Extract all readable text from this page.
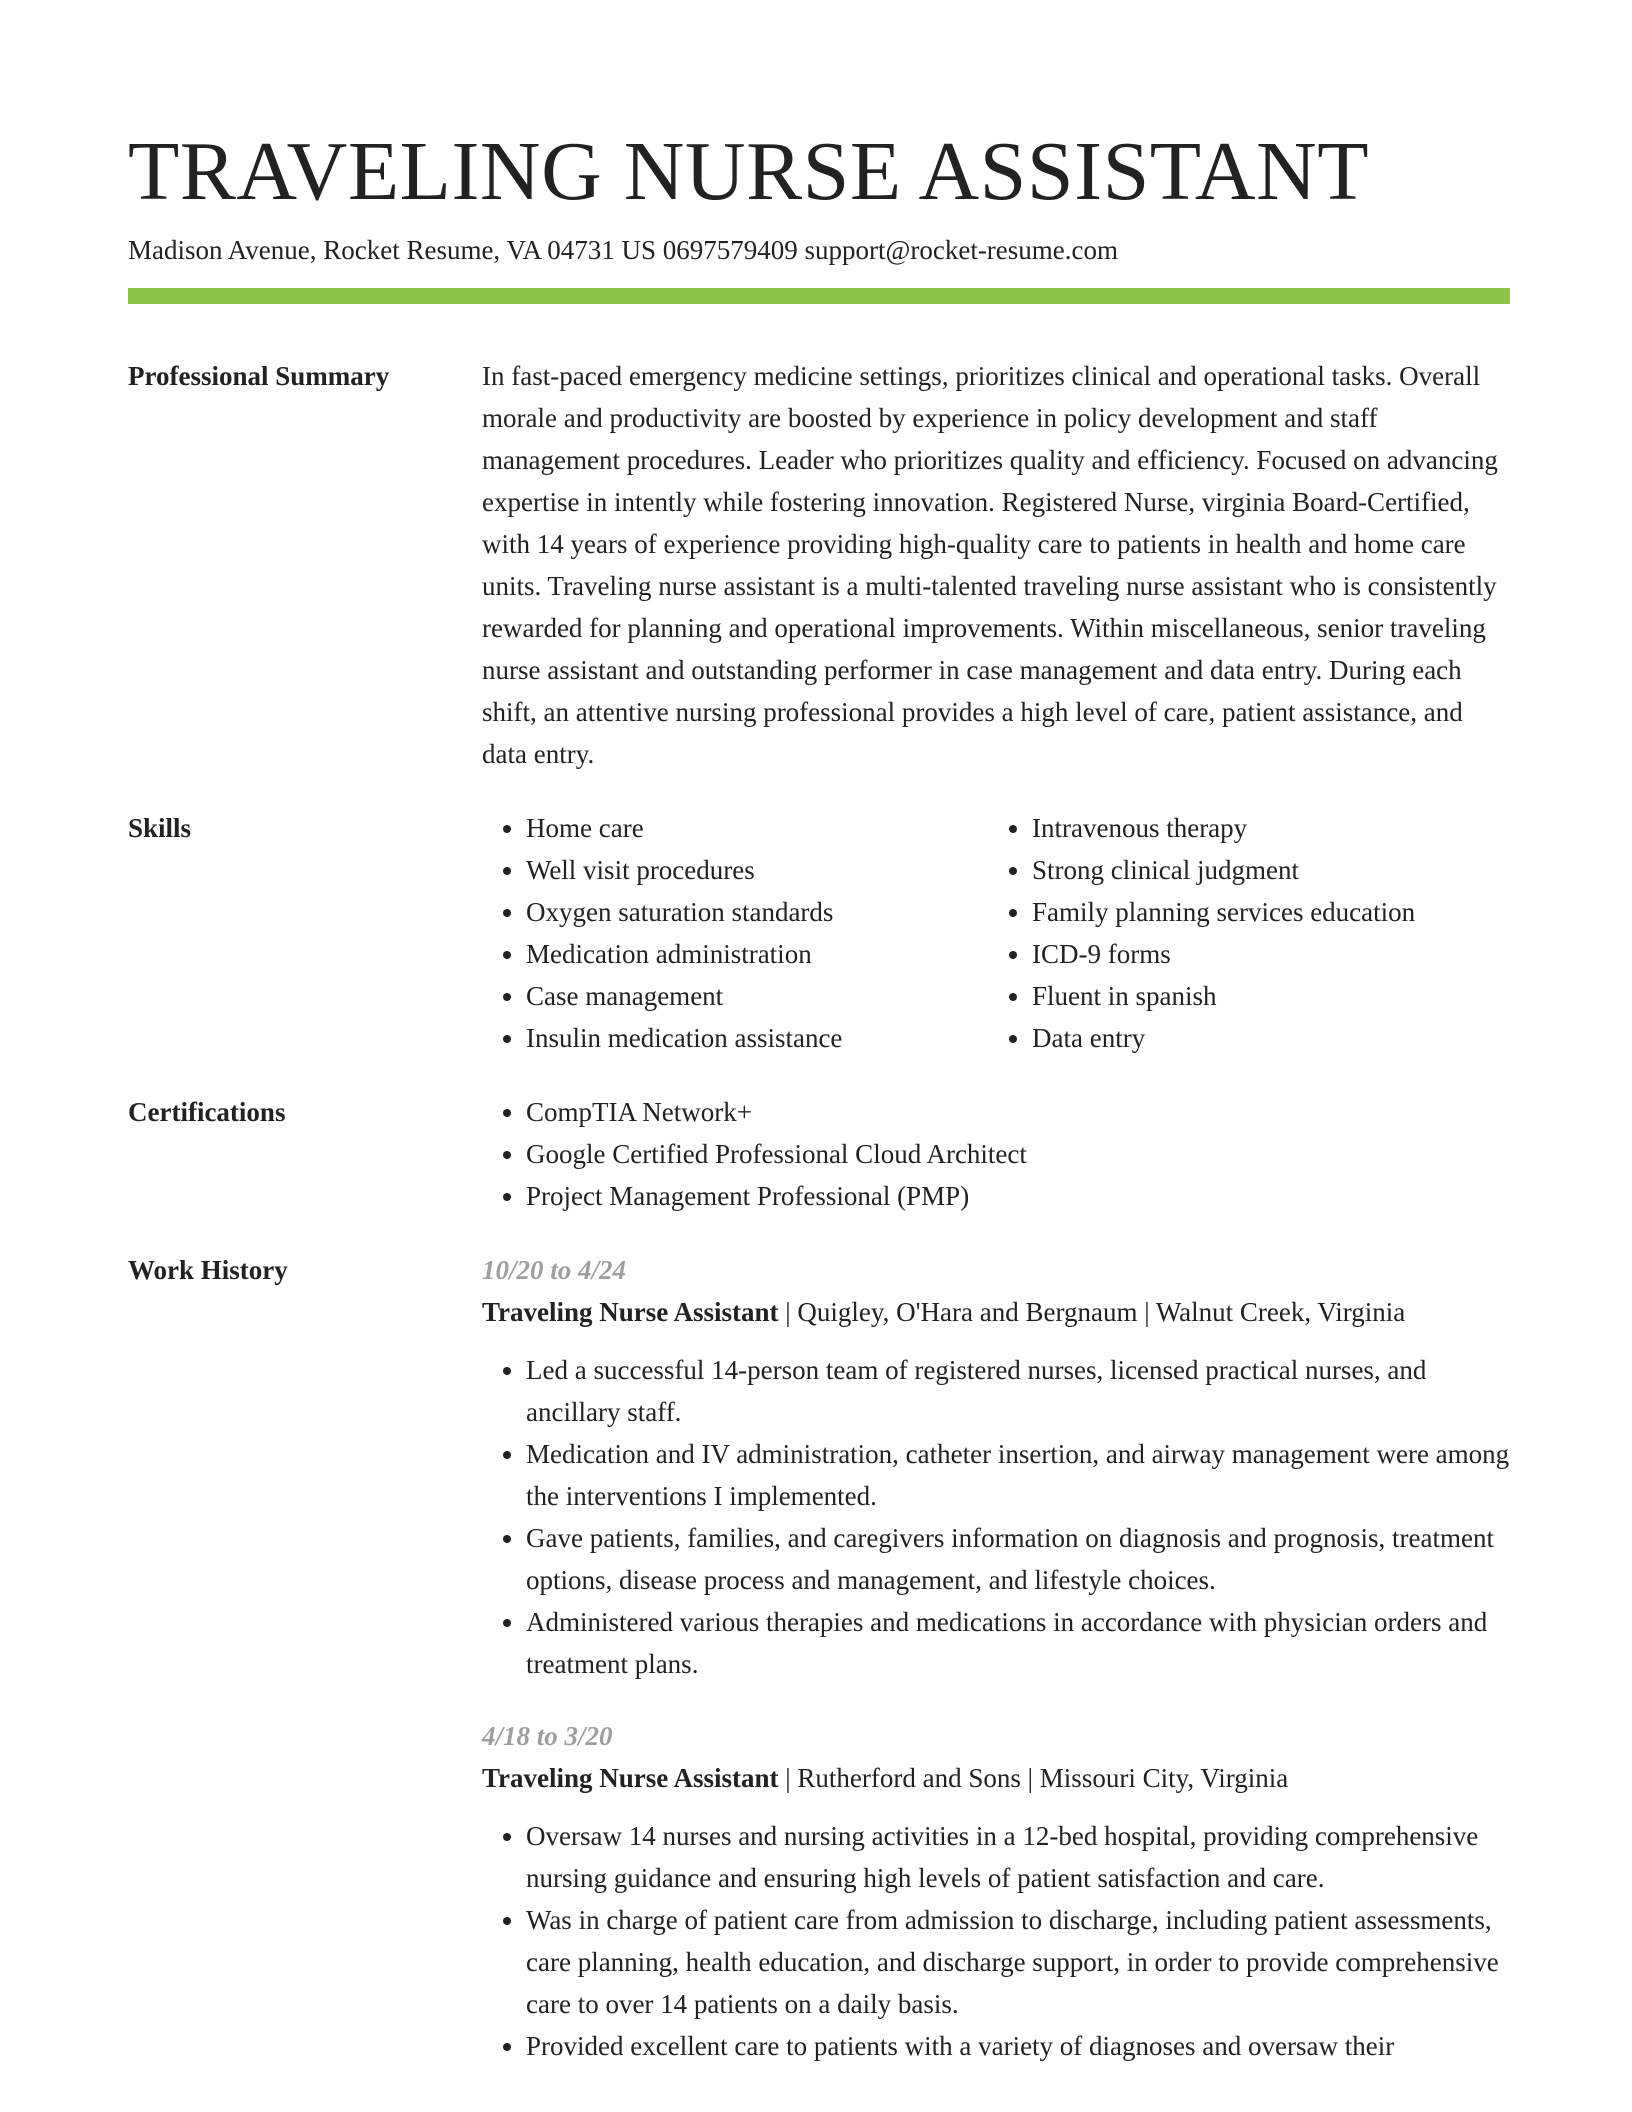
TRAVELING NURSE ASSISTANT
Madison Avenue, Rocket Resume, VA 04731 US 0697579409 support@rocket-resume.com
Professional Summary	In fast-paced emergency medicine settings, prioritizes clinical and operational tasks. Overall morale and productivity are boosted by experience in policy development and staff management procedures. Leader who prioritizes quality and efficiency. Focused on advancing expertise in intently while fostering innovation. Registered Nurse, virginia Board-Certified, with 14 years of experience providing high-quality care to patients in health and home care units. Traveling nurse assistant is a multi-talented traveling nurse assistant who is consistently rewarded for planning and operational improvements. Within miscellaneous, senior traveling nurse assistant and outstanding performer in case management and data entry. During each shift, an attentive nursing professional provides a high level of care, patient assistance, and data entry.

Skills	• Home care
• Well visit procedures
• Oxygen saturation standards
• Medication administration
• Case management
• Insulin medication assistance
• Intravenous therapy
• Strong clinical judgment
• Family planning services education
• ICD-9 forms
• Fluent in spanish
• Data entry
Certifications	• CompTIA Network+
• Google Certified Professional Cloud Architect
• Project Management Professional (PMP)
Work History	10/20 to 4/24
Traveling Nurse Assistant | Quigley, O'Hara and Bergnaum | Walnut Creek, Virginia
• Led a successful 14-person team of registered nurses, licensed practical nurses, and ancillary staff.
• Medication and IV administration, catheter insertion, and airway management were among the interventions I implemented.
• Gave patients, families, and caregivers information on diagnosis and prognosis, treatment options, disease process and management, and lifestyle choices.
• Administered various therapies and medications in accordance with physician orders and treatment plans.
4/18 to 3/20
Traveling Nurse Assistant | Rutherford and Sons | Missouri City, Virginia
• Oversaw 14 nurses and nursing activities in a 12-bed hospital, providing comprehensive nursing guidance and ensuring high levels of patient satisfaction and care.
• Was in charge of patient care from admission to discharge, including patient assessments, care planning, health education, and discharge support, in order to provide comprehensive care to over 14 patients on a daily basis.
• Provided excellent care to patients with a variety of diagnoses and oversaw their
